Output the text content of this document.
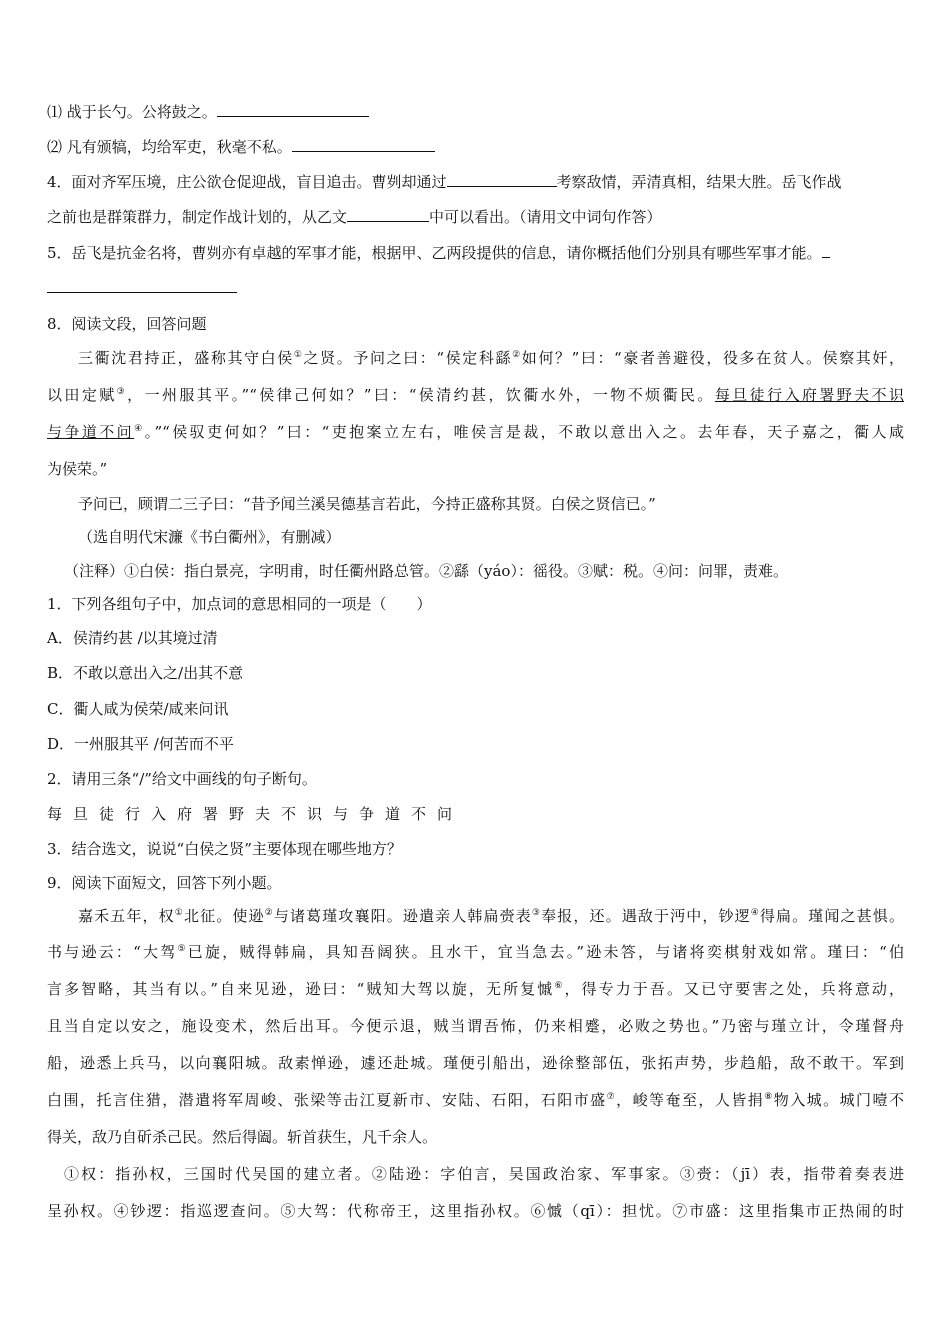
⑴ 战于长勺。公将鼓之。
⑵ 凡有颁犒，均给军吏，秋毫不私。
4．面对齐军压境，庄公欲仓促迎战，盲目追击。曹刿却通过	考察敌情，弄清真相，结果大胜。岳飞作战
之前也是群策群力，制定作战计划的，从乙文	中可以看出。（请用文中词句作答）
5．岳飞是抗金名将，曹刿亦有卓越的军事才能，根据甲、乙两段提供的信息，请你概括他们分别具有哪些军事才能。
8．阅读文段，回答问题
三衢沈君持正，盛称其守白侯①之贤。予问之曰：“侯定科繇②如何？”曰：“豪者善避役，役多在贫人。侯察其奸，
以田定赋③，一州服其平。”“侯律己何如？”曰：“侯清约甚，饮衢水外，一物不烦衢民。每旦徒行入府署野夫不识
与争道不问④。”“侯驭吏何如？”曰：“吏抱案立左右，唯侯言是裁，不敢以意出入之。去年春，天子嘉之，衢人咸
为侯荣。”
予问已，顾谓二三子曰：“昔予闻兰溪吴德基言若此，今持正盛称其贤。白侯之贤信已。”
（选自明代宋濂《书白衢州》，有删减）
（注释）①白侯：指白景亮，字明甫，时任衢州路总管。②繇（yáo）：徭役。③赋：税。④问：问罪，责难。
1．下列各组句子中，加点词的意思相同的一项是（　　）
A．侯清约甚 /以其境过清
B．不敢以意出入之/出其不意
C．衢人咸为侯荣/咸来问讯
D．一州服其平 /何苦而不平
2．请用三条“/”给文中画线的句子断句。
每旦徒行入府署野夫不识与争道不问
3．结合选文，说说“白侯之贤”主要体现在哪些地方？
9．阅读下面短文，回答下列小题。
嘉禾五年，权①北征。使逊②与诸葛瑾攻襄阳。逊遣亲人韩扁赍表③奉报，还。遇敌于沔中，钞逻④得扁。瑾闻之甚惧。
书与逊云：“大驾⑤已旋，贼得韩扁，具知吾阔狭。且水干，宜当急去。”逊未答，与诸将奕棋射戏如常。瑾曰：“伯
言多智略，其当有以。”自来见逊，逊曰：“贼知大驾以旋，无所复慽⑥，得专力于吾。又已守要害之处，兵将意动，
且当自定以安之，施设变术，然后出耳。今便示退，贼当谓吾怖，仍来相蹙，必败之势也。”乃密与瑾立计，令瑾督舟
船，逊悉上兵马，以向襄阳城。敌素惮逊，遽还赴城。瑾便引船出，逊徐整部伍，张拓声势，步趋船，敌不敢干。军到
白围，托言住猎，潜遣将军周峻、张梁等击江夏新市、安陆、石阳，石阳市盛⑦，峻等奄至，人皆捐⑧物入城。城门噎不
得关，敌乃自斫杀己民。然后得阖。斩首获生，凡千余人。
①权：指孙权，三国时代吴国的建立者。②陆逊：字伯言，吴国政治家、军事家。③赍：（jī）表，指带着奏表进
呈孙权。④钞逻：指巡逻查问。⑤大驾：代称帝王，这里指孙权。⑥慽（qī）：担忧。⑦市盛：这里指集市正热闹的时
